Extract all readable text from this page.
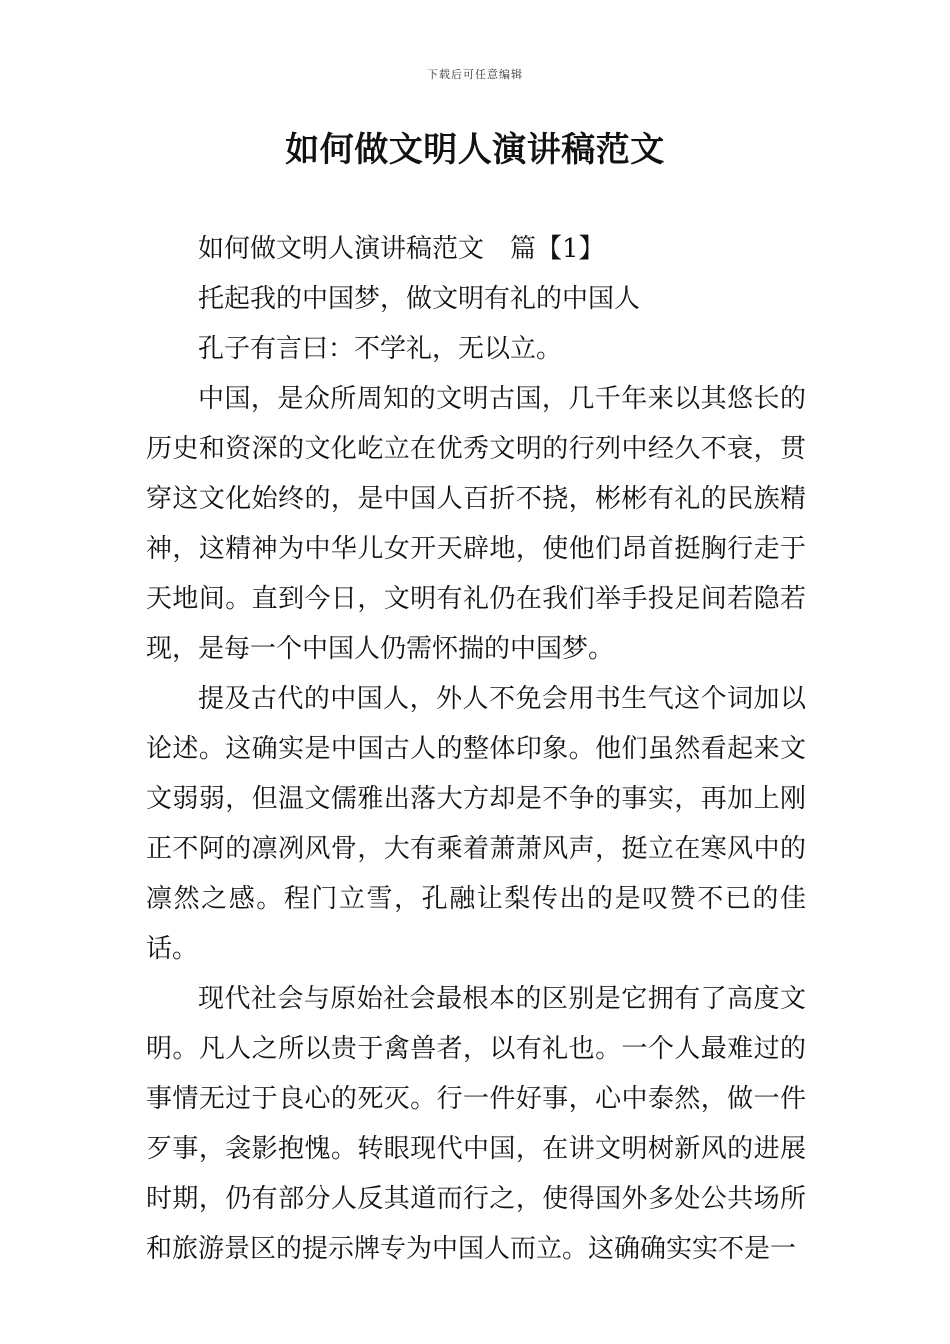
下载后可任意编辑
如何做文明人演讲稿范文

如何做文明人演讲稿范文　篇【1】

托起我的中国梦，做文明有礼的中国人

孔子有言曰：不学礼，无以立。

中国，是众所周知的文明古国，几千年来以其悠长的历史和资深的文化屹立在优秀文明的行列中经久不衰，贯穿这文化始终的，是中国人百折不挠，彬彬有礼的民族精神，这精神为中华儿女开天辟地，使他们昂首挺胸行走于天地间。直到今日，文明有礼仍在我们举手投足间若隐若现，是每一个中国人仍需怀揣的中国梦。

提及古代的中国人，外人不免会用书生气这个词加以论述。这确实是中国古人的整体印象。他们虽然看起来文文弱弱，但温文儒雅出落大方却是不争的事实，再加上刚正不阿的凛冽风骨，大有乘着萧萧风声，挺立在寒风中的凛然之感。程门立雪，孔融让梨传出的是叹赞不已的佳话。

现代社会与原始社会最根本的区别是它拥有了高度文明。凡人之所以贵于禽兽者，以有礼也。一个人最难过的事情无过于良心的死灭。行一件好事，心中泰然，做一件歹事，衾影抱愧。转眼现代中国，在讲文明树新风的进展时期，仍有部分人反其道而行之，使得国外多处公共场所和旅游景区的提示牌专为中国人而立。这确确实实不是一
